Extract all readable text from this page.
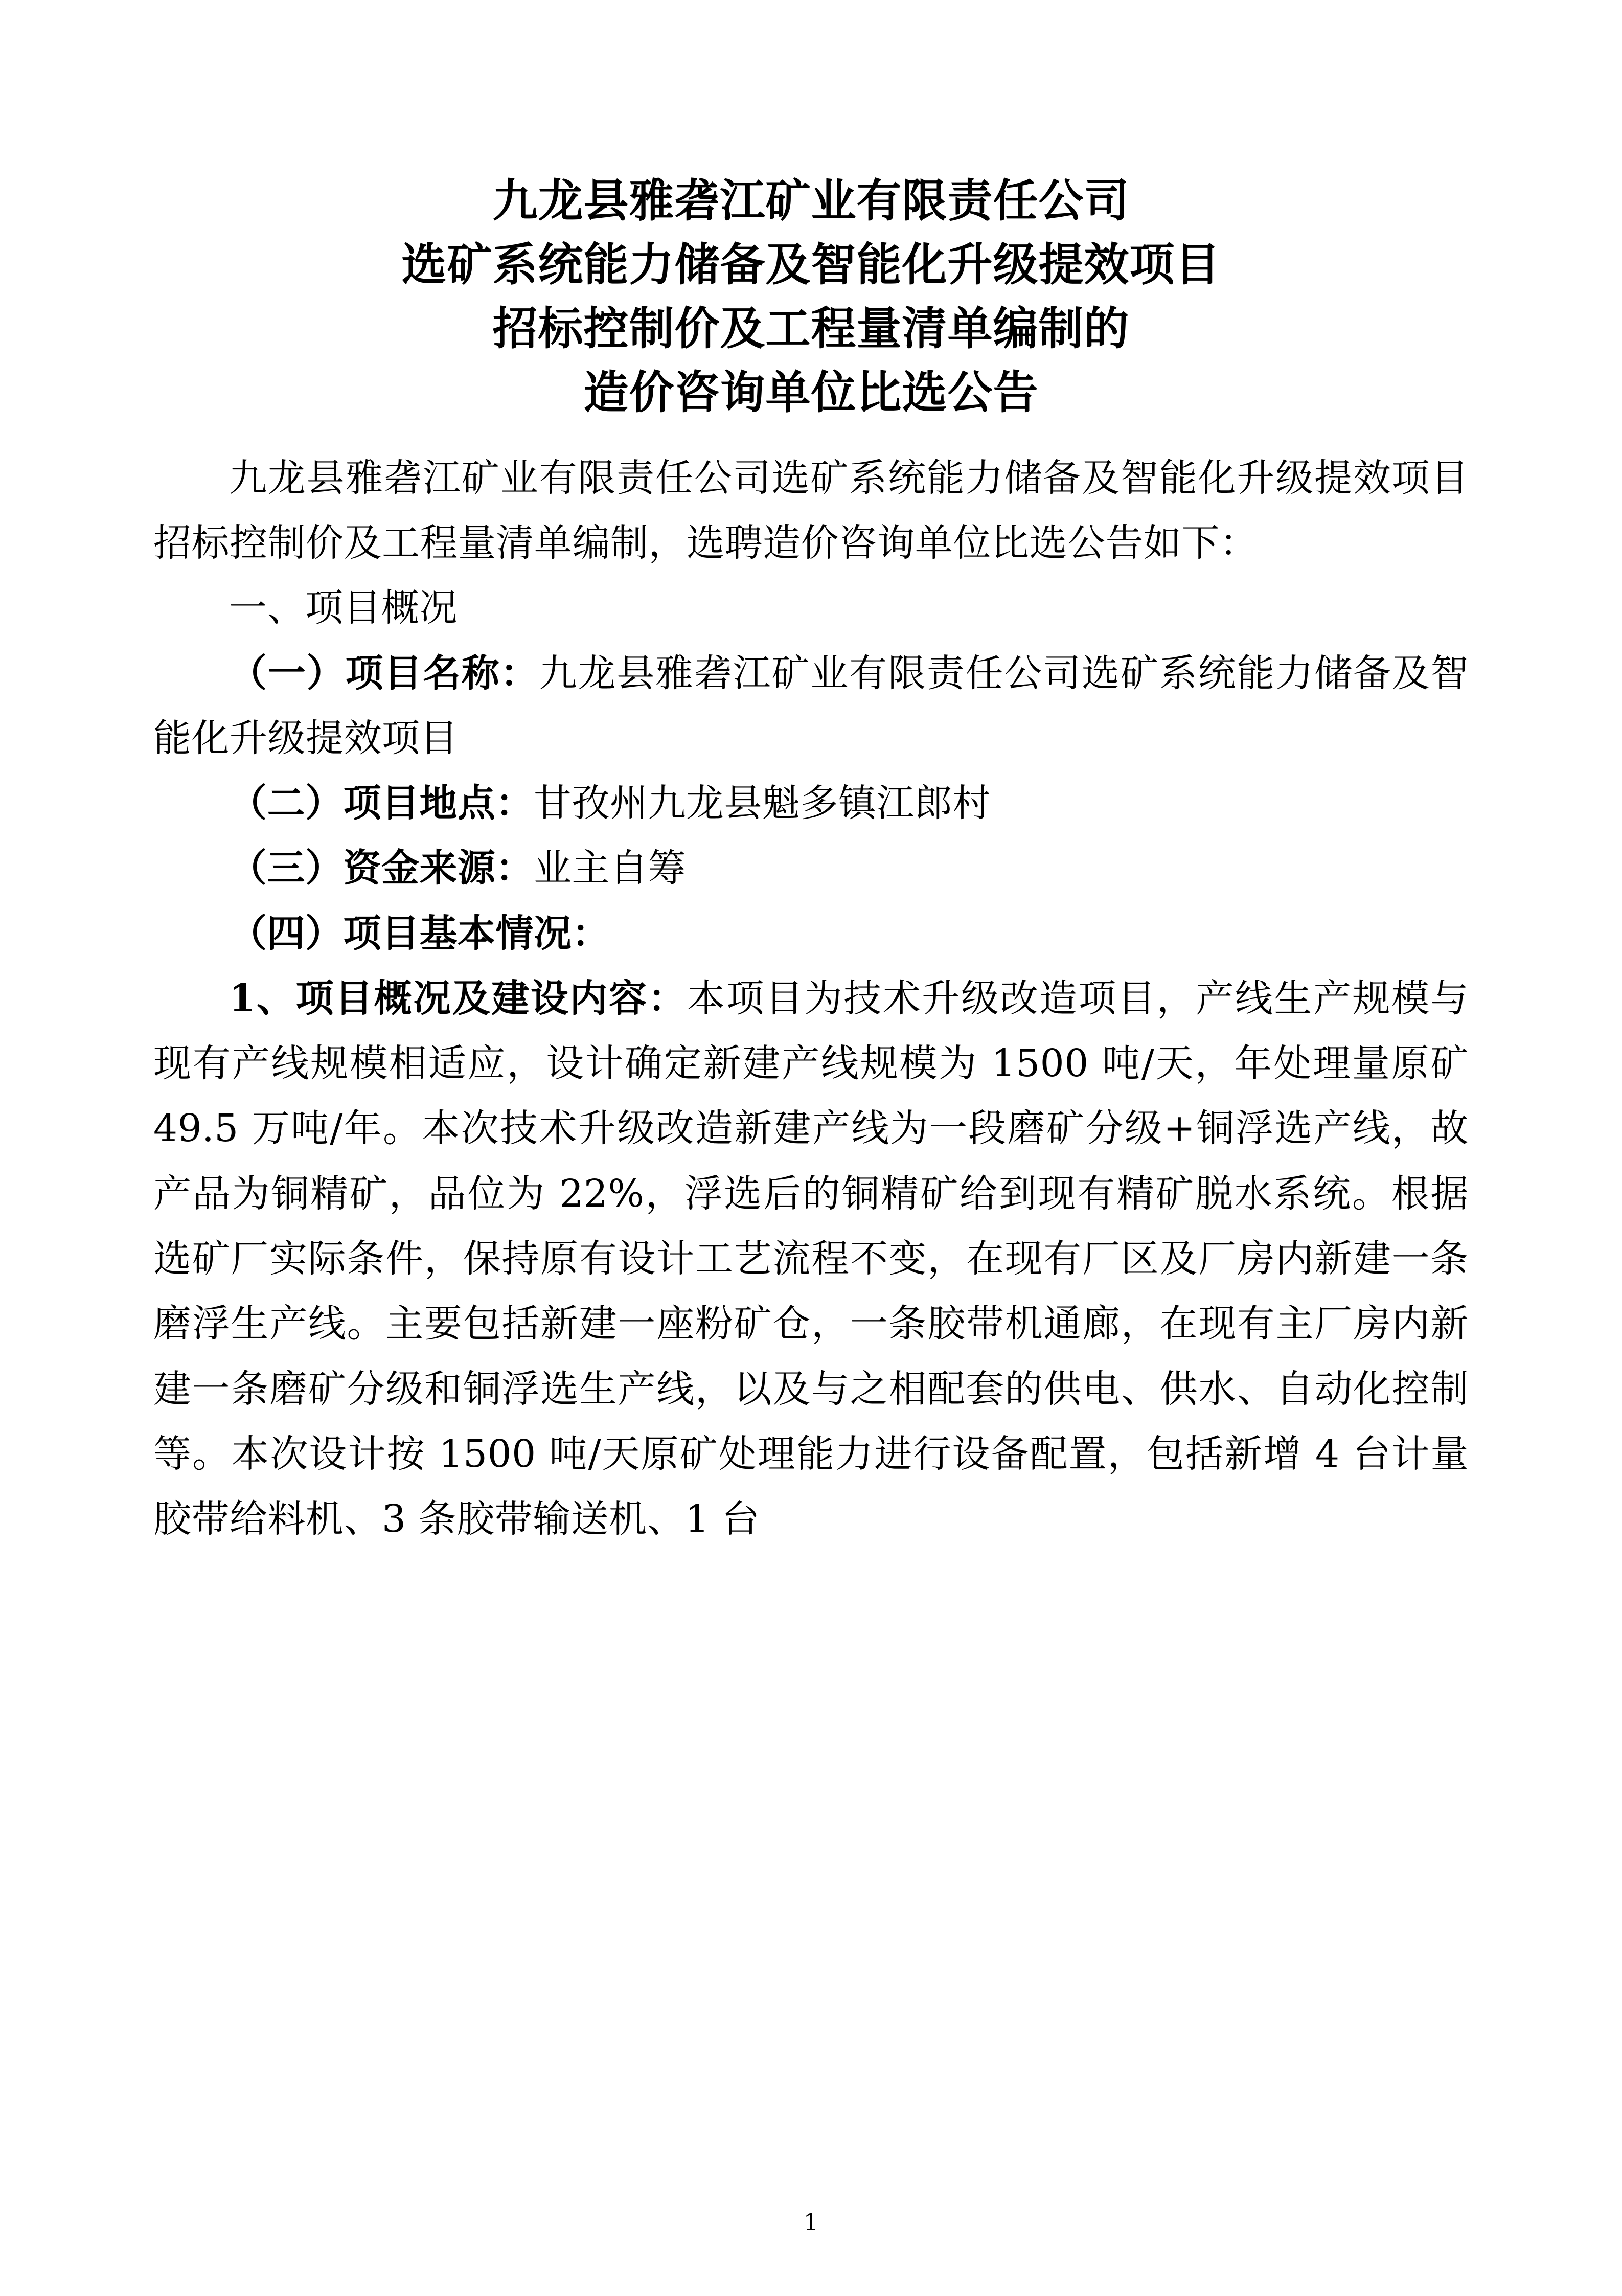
九龙县雅砻江矿业有限责任公司
选矿系统能力储备及智能化升级提效项目
招标控制价及工程量清单编制的
造价咨询单位比选公告

九龙县雅砻江矿业有限责任公司选矿系统能力储备及智能化升级提效项目招标控制价及工程量清单编制，选聘造价咨询单位比选公告如下：

一、项目概况

（一）项目名称：九龙县雅砻江矿业有限责任公司选矿系统能力储备及智能化升级提效项目

（二）项目地点：甘孜州九龙县魁多镇江郎村

（三）资金来源：业主自筹

（四）项目基本情况：

1、项目概况及建设内容：本项目为技术升级改造项目，产线生产规模与现有产线规模相适应，设计确定新建产线规模为 1500 吨/天，年处理量原矿 49.5 万吨/年。本次技术升级改造新建产线为一段磨矿分级+铜浮选产线，故产品为铜精矿，品位为 22%，浮选后的铜精矿给到现有精矿脱水系统。根据选矿厂实际条件，保持原有设计工艺流程不变，在现有厂区及厂房内新建一条磨浮生产线。主要包括新建一座粉矿仓，一条胶带机通廊，在现有主厂房内新建一条磨矿分级和铜浮选生产线，以及与之相配套的供电、供水、自动化控制等。本次设计按 1500 吨/天原矿处理能力进行设备配置，包括新增 4 台计量胶带给料机、3 条胶带输送机、1 台

1
